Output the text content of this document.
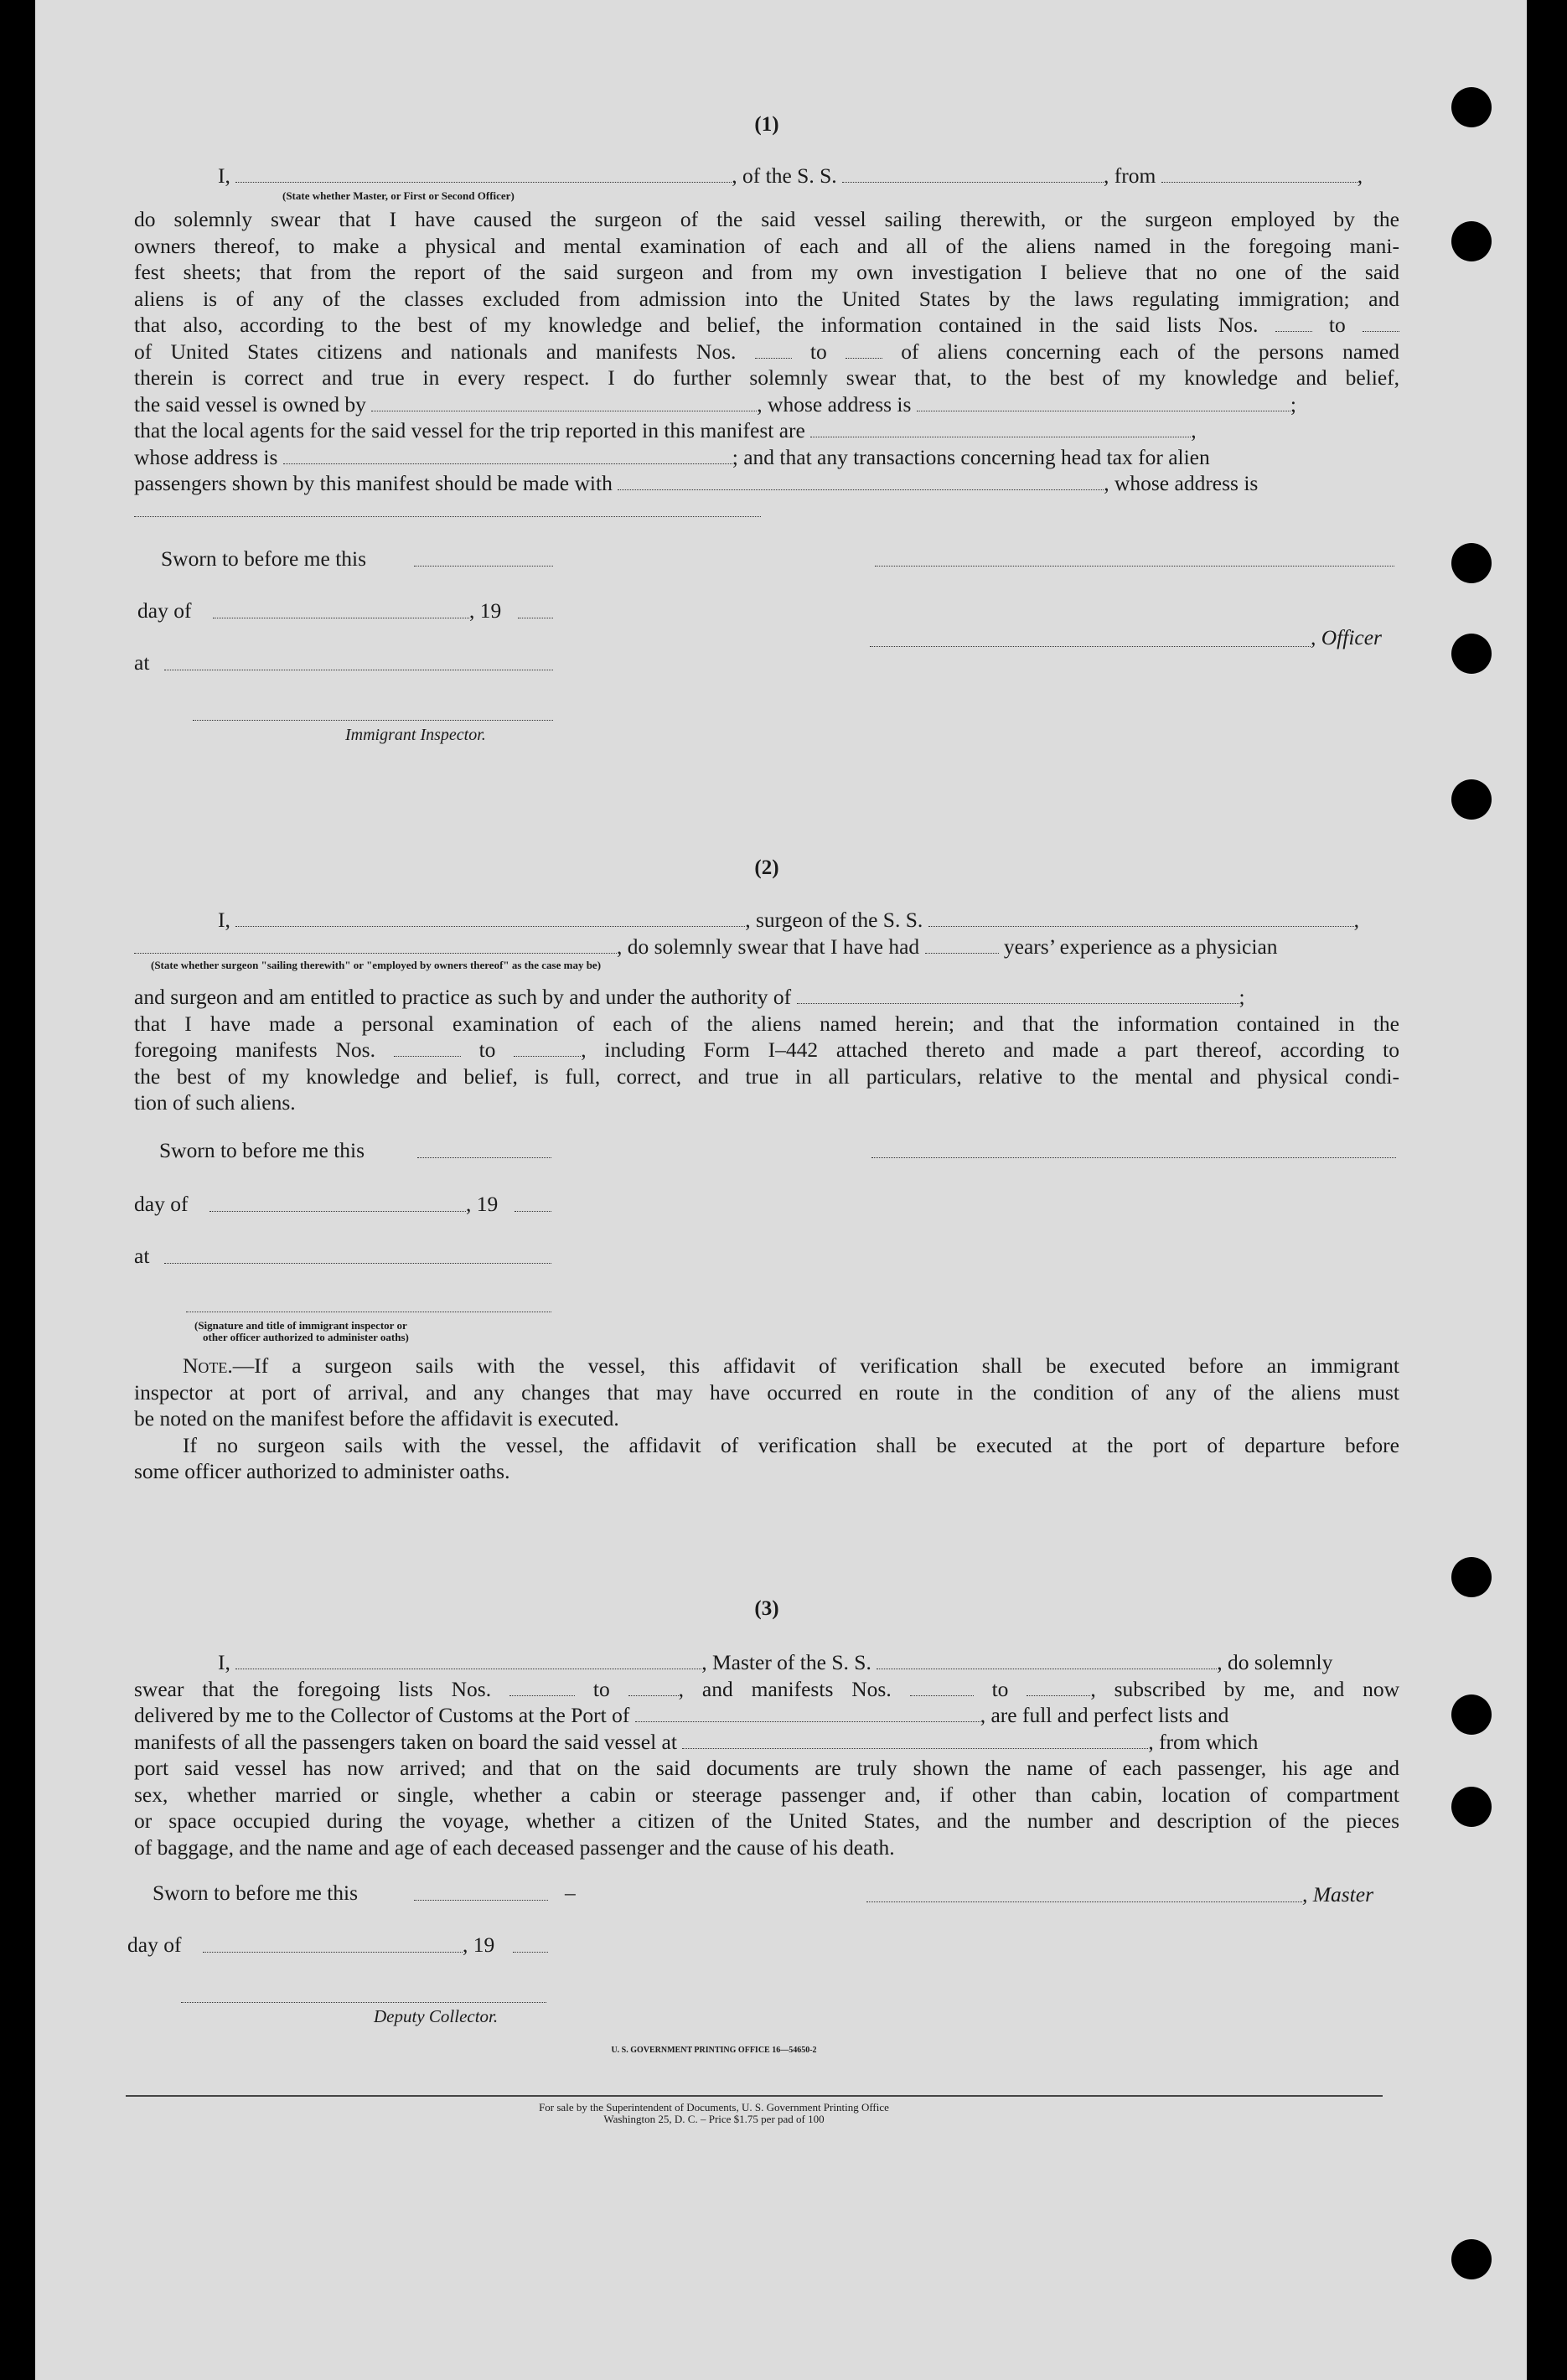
(1)
I,	, of the S. S.	, from	,
(State whether Master, or First or Second Officer)
do solemnly swear that I have caused the surgeon of the said vessel sailing therewith, or the surgeon employed by the
owners thereof, to make a physical and mental examination of each and all of the aliens named in the foregoing mani-
fest sheets; that from the report of the said surgeon and from my own investigation I believe that no one of the said
aliens is of any of the classes excluded from admission into the United States by the laws regulating immigration; and
that also, according to the best of my knowledge and belief, the information contained in the said lists Nos.	to
of United States citizens and nationals and manifests Nos.	to	of aliens concerning each of the persons named
therein is correct and true in every respect. I do further solemnly swear that, to the best of my knowledge and belief,
the said vessel is owned by	, whose address is	;
that the local agents for the said vessel for the trip reported in this manifest are	,
whose address is	; and that any transactions concerning head tax for alien
passengers shown by this manifest should be made with	, whose address is
Sworn to before me this
day of	, 19
, Officer
at
Immigrant Inspector.
(2)
I,	, surgeon of the S. S.	,
, do solemnly swear that I have had	years’ experience as a physician
(State whether surgeon "sailing therewith" or "employed by owners thereof" as the case may be)
and surgeon and am entitled to practice as such by and under the authority of	;
that I have made a personal examination of each of the aliens named herein; and that the information contained in the
foregoing manifests Nos.	to	, including Form I–442 attached thereto and made a part thereof, according to
the best of my knowledge and belief, is full, correct, and true in all particulars, relative to the mental and physical condi-
tion of such aliens.
Sworn to before me this
day of	, 19
at
(Signature and title of immigrant inspector or
other officer authorized to administer oaths)
Note.—If a surgeon sails with the vessel, this affidavit of verification shall be executed before an immigrant
inspector at port of arrival, and any changes that may have occurred en route in the condition of any of the aliens must
be noted on the manifest before the affidavit is executed.
If no surgeon sails with the vessel, the affidavit of verification shall be executed at the port of departure before
some officer authorized to administer oaths.
(3)
I,	, Master of the S. S.	, do solemnly
swear that the foregoing lists Nos.	to	, and manifests Nos.	to	, subscribed by me, and now
delivered by me to the Collector of Customs at the Port of	, are full and perfect lists and
manifests of all the passengers taken on board the said vessel at	, from which
port said vessel has now arrived; and that on the said documents are truly shown the name of each passenger, his age and
sex, whether married or single, whether a cabin or steerage passenger and, if other than cabin, location of compartment
or space occupied during the voyage, whether a citizen of the United States, and the number and description of the pieces
of baggage, and the name and age of each deceased passenger and the cause of his death.
Sworn to before me this	–	, Master
day of	, 19
Deputy Collector.
U. S. GOVERNMENT PRINTING OFFICE 16—54650-2
For sale by the Superintendent of Documents, U. S. Government Printing Office
Washington 25, D. C. – Price $1.75 per pad of 100
